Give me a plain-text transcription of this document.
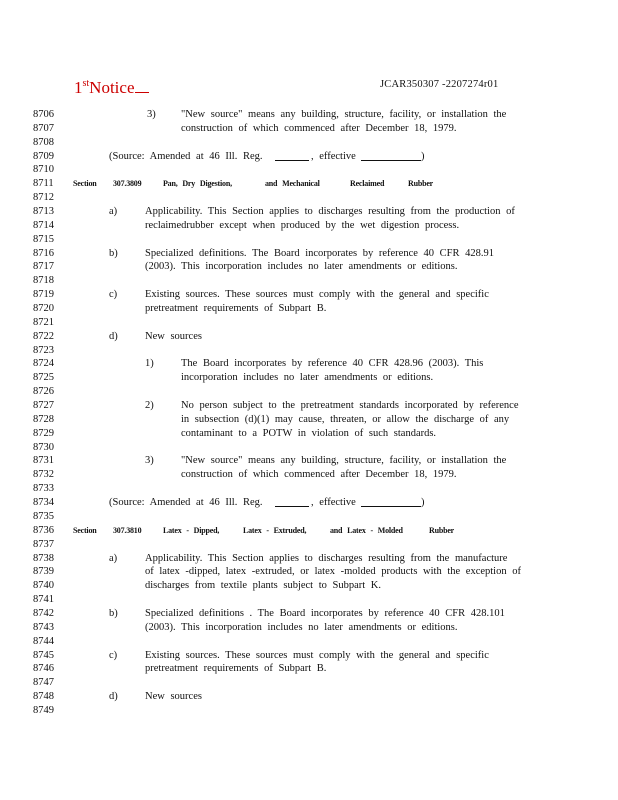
1stNotice	JCAR350307 -2207274r01
8706	3) "New source" means any building, structure, facility, or installation the
8707	construction of which commenced after December 18, 1979.
8708
8709	(Source: Amended at 46 Ill. Reg.	, effective	)
8710
8711	Section 307.3809	Pan, Dry Digestion,	and Mechanical	Reclaimed	Rubber
8712
8713	a)	Applicability. This Section applies to discharges resulting from the production of
8714	reclaimedrubber except when produced by the wet digestion process.
8715
8716	b)	Specialized definitions. The Board incorporates by reference 40 CFR 428.91
8717	(2003). This incorporation includes no later amendments or editions.
8718
8719	c)	Existing sources. These sources must comply with the general and specific
8720	pretreatment requirements of Subpart B.
8721
8722	d)	New sources
8723
8724	1)	The Board incorporates by reference 40 CFR 428.96 (2003). This
8725	incorporation includes no later amendments or editions.
8726
8727	2)	No person subject to the pretreatment standards incorporated by reference
8728	in subsection (d)(1) may cause, threaten, or allow the discharge of any
8729	contaminant to a POTW in violation of such standards.
8730
8731	3)	"New source" means any building, structure, facility, or installation the
8732	construction of which commenced after December 18, 1979.
8733
8734	(Source: Amended at 46 Ill. Reg.	, effective	)
8735
8736	Section 307.3810	Latex - Dipped,	Latex - Extruded,	and Latex - Molded	Rubber
8737
8738	a)	Applicability. This Section applies to discharges resulting from the manufacture
8739	of latex -dipped, latex -extruded, or latex -molded products with the exception of
8740	discharges from textile plants subject to Subpart K.
8741
8742	b)	Specialized definitions . The Board incorporates by reference 40 CFR 428.101
8743	(2003). This incorporation includes no later amendments or editions.
8744
8745	c)	Existing sources. These sources must comply with the general and specific
8746	pretreatment requirements of Subpart B.
8747
8748	d)	New sources
8749
